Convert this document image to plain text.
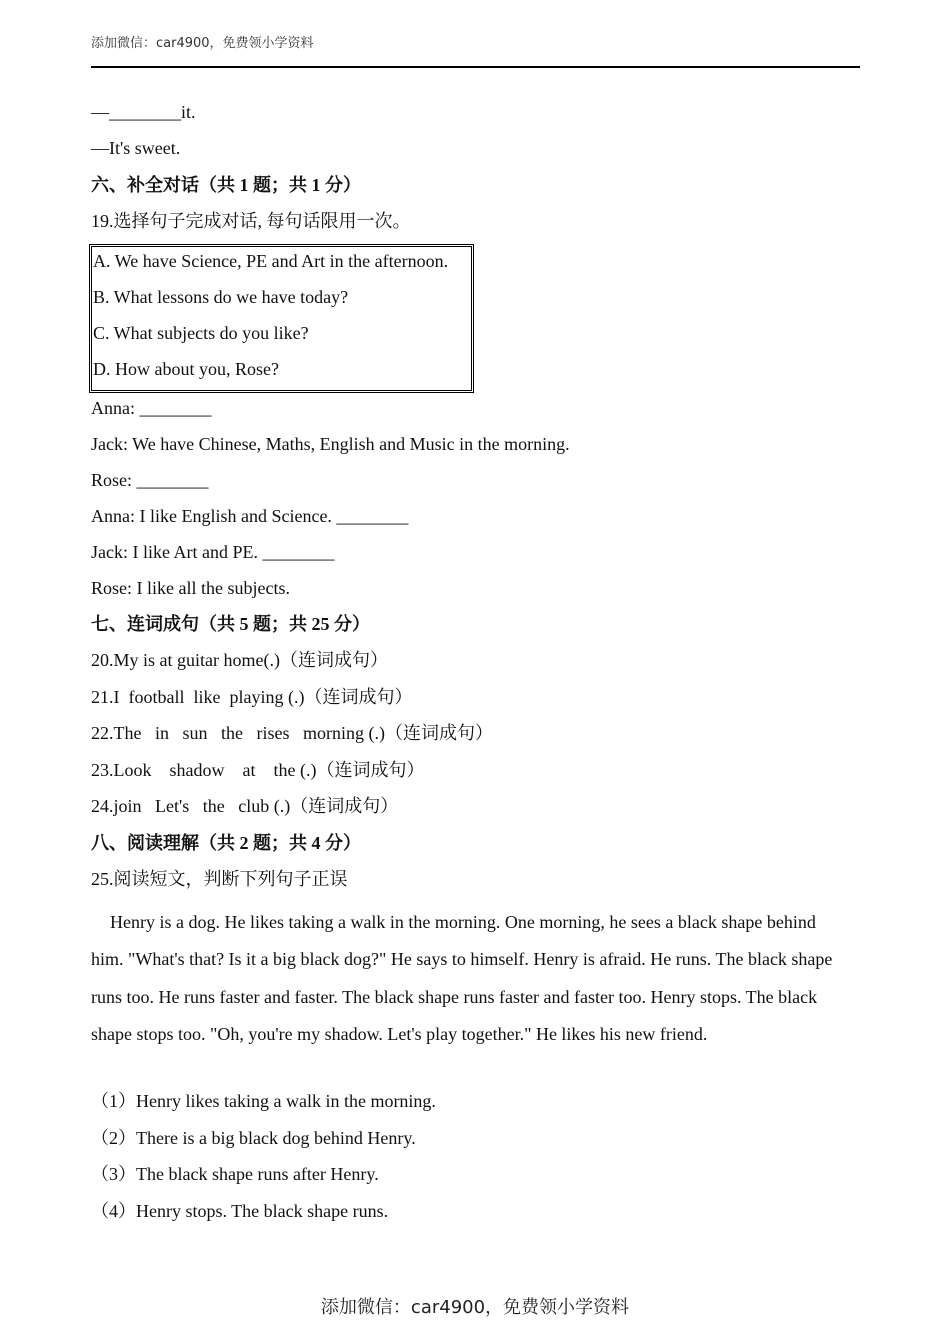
添加微信：car4900，免费领小学资料
—________it.
—It's sweet.
六、补全对话（共 1 题；共 1 分）
19.选择句子完成对话, 每句话限用一次。
A. We have Science, PE and Art in the afternoon.
B. What lessons do we have today?
C. What subjects do you like?
D. How about you, Rose?
Anna: ________
Jack: We have Chinese, Maths, English and Music in the morning.
Rose: ________
Anna: I like English and Science. ________
Jack: I like Art and PE. ________
Rose: I like all the subjects.
七、连词成句（共 5 题；共 25 分）
20.My is at guitar home(.)（连词成句）
21.I  football  like  playing (.)（连词成句）
22.The   in   sun   the   rises   morning (.)（连词成句）
23.Look    shadow    at    the (.)（连词成句）
24.join   Let's   the   club (.)（连词成句）
八、阅读理解（共 2 题；共 4 分）
25.阅读短文，判断下列句子正误
Henry is a dog. He likes taking a walk in the morning. One morning, he sees a black shape behind him. "What's that? Is it a big black dog?" He says to himself. Henry is afraid. He runs. The black shape runs too. He runs faster and faster. The black shape runs faster and faster too. Henry stops. The black shape stops too. "Oh, you're my shadow. Let's play together." He likes his new friend.
（1）Henry likes taking a walk in the morning.
（2）There is a big black dog behind Henry.
（3）The black shape runs after Henry.
（4）Henry stops. The black shape runs.
添加微信：car4900，免费领小学资料
